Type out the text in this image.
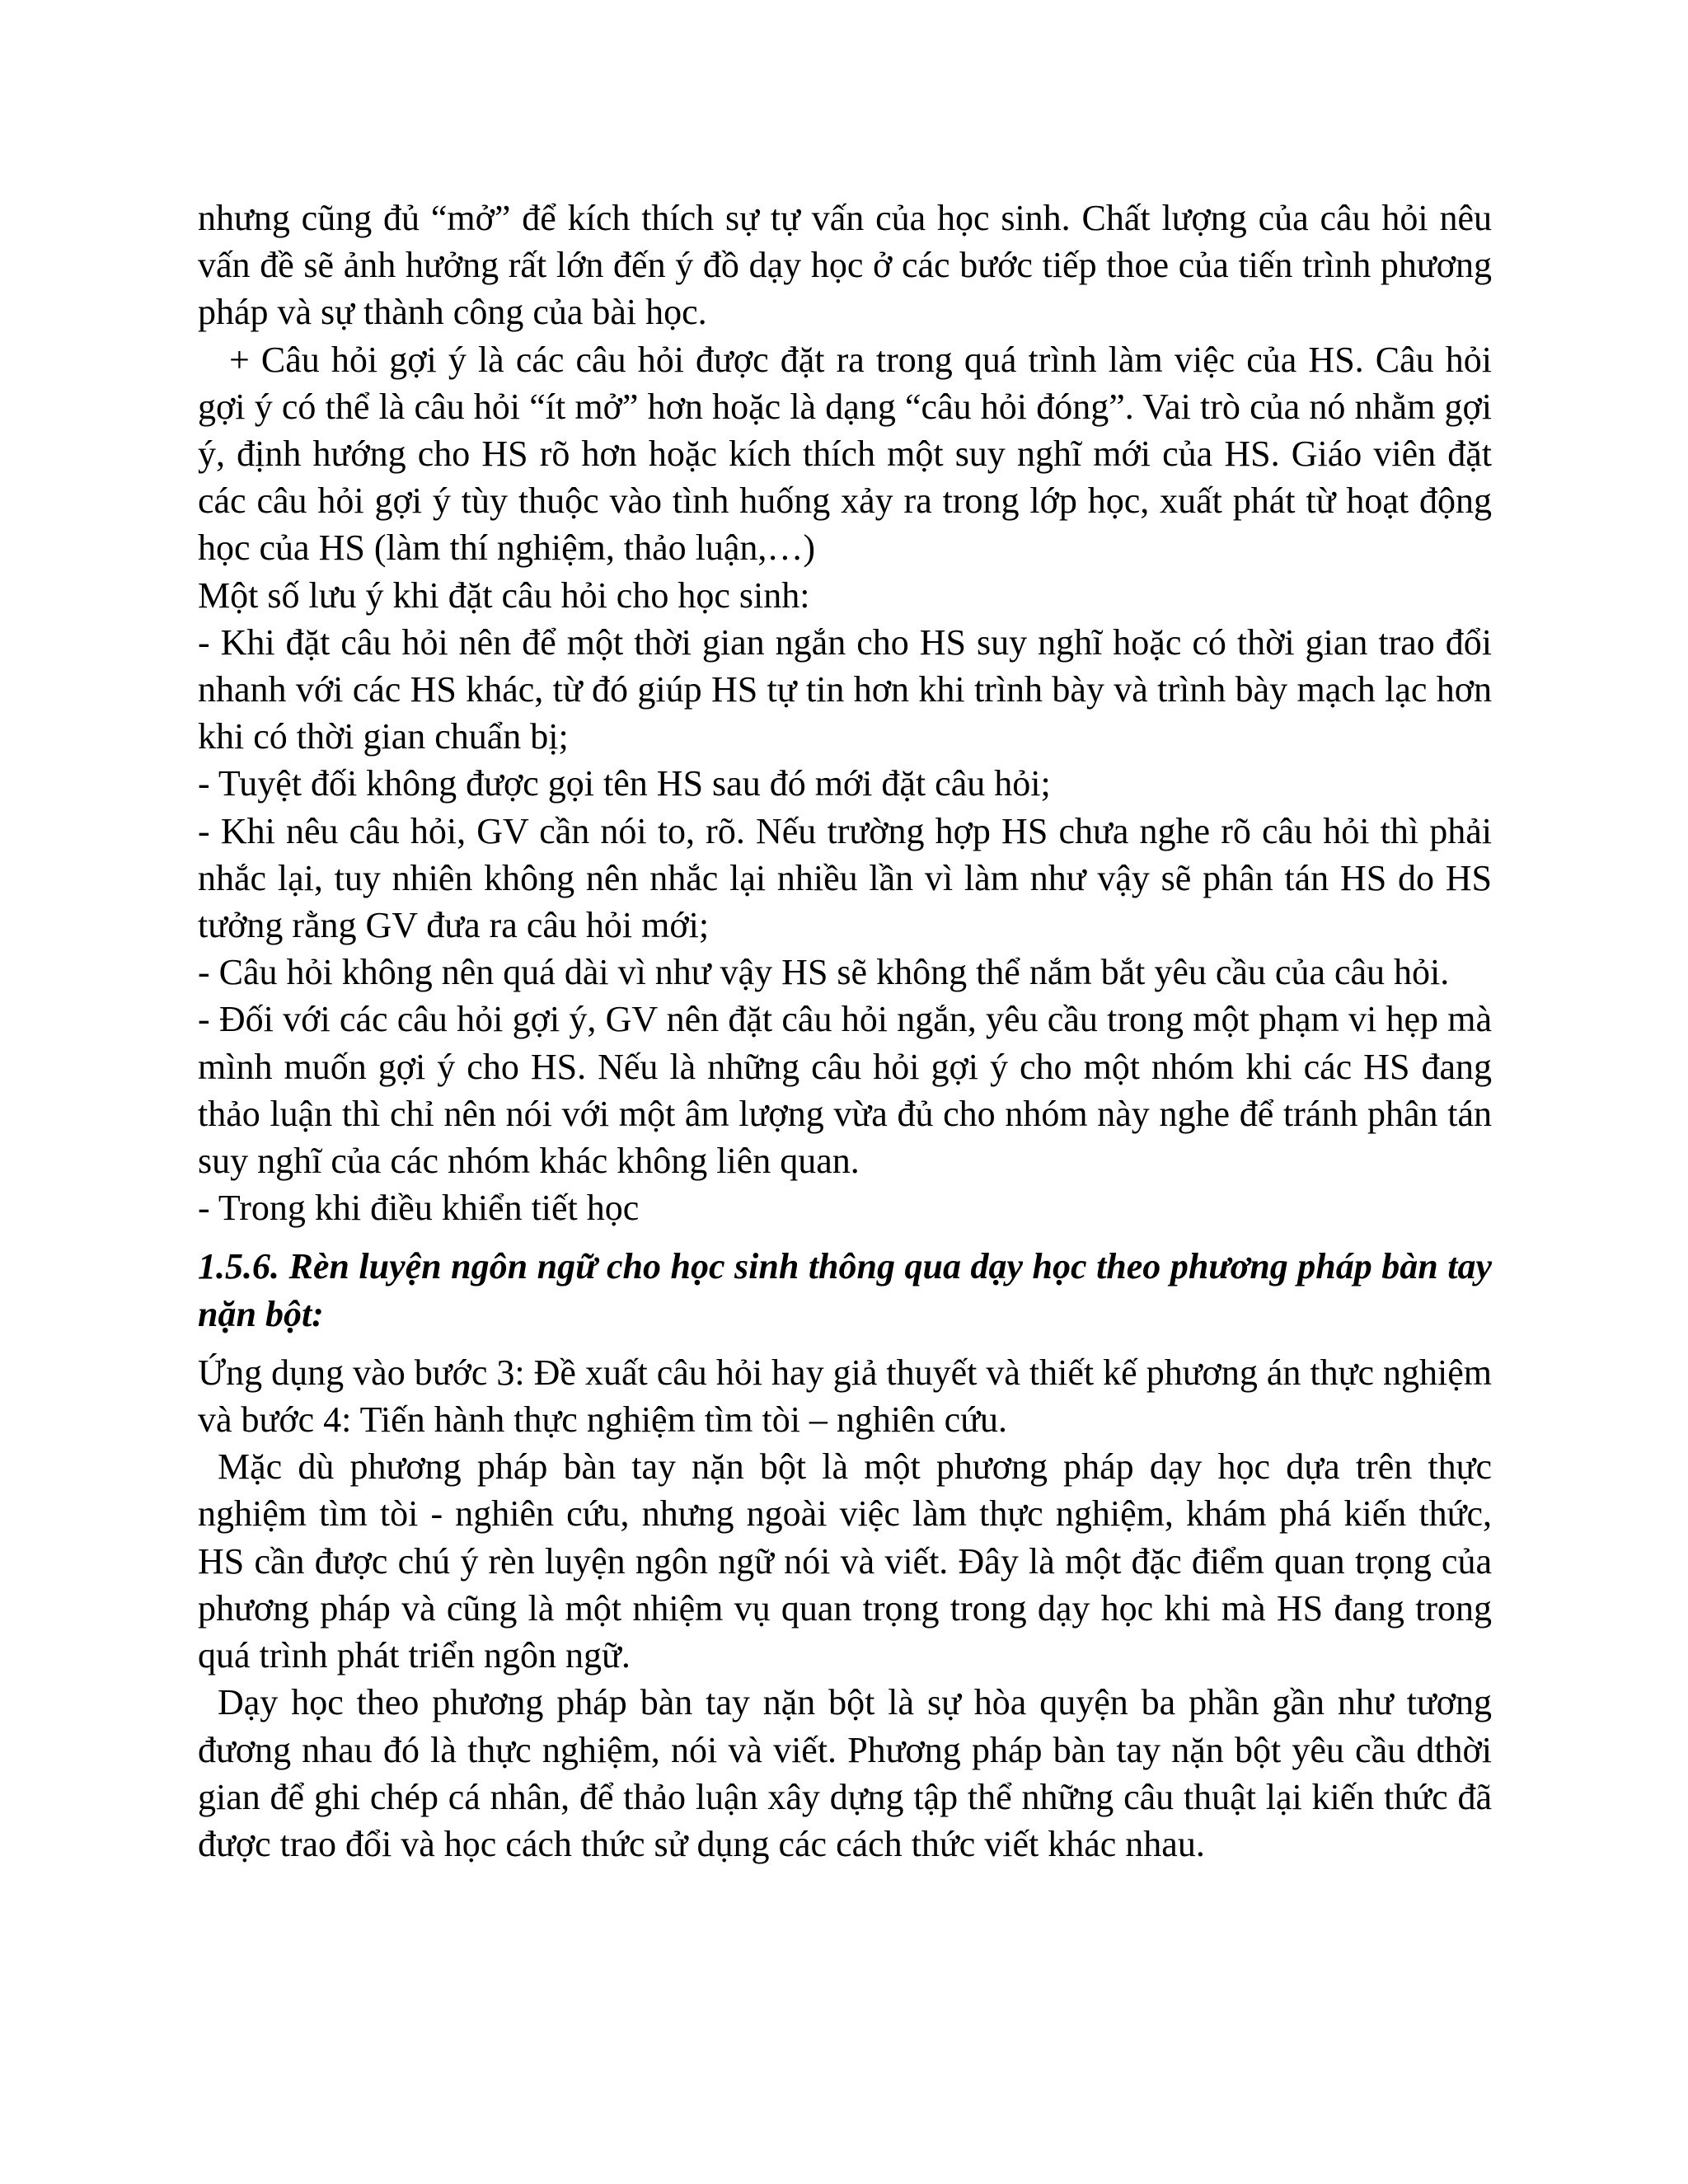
nhưng cũng đủ “mở” để kích thích sự tự vấn của học sinh. Chất lượng của câu hỏi nêu vấn đề sẽ ảnh hưởng rất lớn đến ý đồ dạy học ở các bước tiếp thoe của tiến trình phương pháp và sự thành công của bài học.

+ Câu hỏi gợi ý là các câu hỏi được đặt ra trong quá trình làm việc của HS. Câu hỏi gợi ý có thể là câu hỏi “ít mở” hơn hoặc là dạng “câu hỏi đóng”. Vai trò của nó nhằm gợi ý, định hướng cho HS rõ hơn hoặc kích thích một suy nghĩ mới của HS. Giáo viên đặt các câu hỏi gợi ý tùy thuộc vào tình huống xảy ra trong lớp học, xuất phát từ hoạt động học của HS (làm thí nghiệm, thảo luận,…)

Một số lưu ý khi đặt câu hỏi cho học sinh:

- Khi đặt câu hỏi nên để một thời gian ngắn cho HS suy nghĩ hoặc có thời gian trao đổi nhanh với các HS khác, từ đó giúp HS tự tin hơn khi trình bày và trình bày mạch lạc hơn khi có thời gian chuẩn bị;

- Tuyệt đối không được gọi tên HS sau đó mới đặt câu hỏi;

- Khi nêu câu hỏi, GV cần nói to, rõ. Nếu trường hợp HS chưa nghe rõ câu hỏi thì phải nhắc lại, tuy nhiên không nên nhắc lại nhiều lần vì làm như vậy sẽ phân tán HS do HS tưởng rằng GV đưa ra câu hỏi mới;

- Câu hỏi không nên quá dài vì như vậy HS sẽ không thể nắm bắt yêu cầu của câu hỏi.

- Đối với các câu hỏi gợi ý, GV nên đặt câu hỏi ngắn, yêu cầu trong một phạm vi hẹp mà mình muốn gợi ý cho HS. Nếu là những câu hỏi gợi ý cho một nhóm khi các HS đang thảo luận thì chỉ nên nói với một âm lượng vừa đủ cho nhóm này nghe để tránh phân tán suy nghĩ của các nhóm khác không liên quan.

- Trong khi điều khiển tiết học

1.5.6. Rèn luyện ngôn ngữ cho học sinh thông qua dạy học theo phương pháp bàn tay nặn bột:

Ứng dụng vào bước 3: Đề xuất câu hỏi hay giả thuyết và thiết kế phương án thực nghiệm và bước 4: Tiến hành thực nghiệm tìm tòi – nghiên cứu.

Mặc dù phương pháp bàn tay nặn bột là một phương pháp dạy học dựa trên thực nghiệm tìm tòi - nghiên cứu, nhưng ngoài việc làm thực nghiệm, khám phá kiến thức, HS cần được chú ý rèn luyện ngôn ngữ nói và viết. Đây là một đặc điểm quan trọng của phương pháp và cũng là một nhiệm vụ quan trọng trong dạy học khi mà HS đang trong quá trình phát triển ngôn ngữ.

Dạy học theo phương pháp bàn tay nặn bột là sự hòa quyện ba phần gần như tương đương nhau đó là thực nghiệm, nói và viết. Phương pháp bàn tay nặn bột yêu cầu dthời gian để ghi chép cá nhân, để thảo luận xây dựng tập thể những câu thuật lại kiến thức đã được trao đổi và học cách thức sử dụng các cách thức viết khác nhau.
